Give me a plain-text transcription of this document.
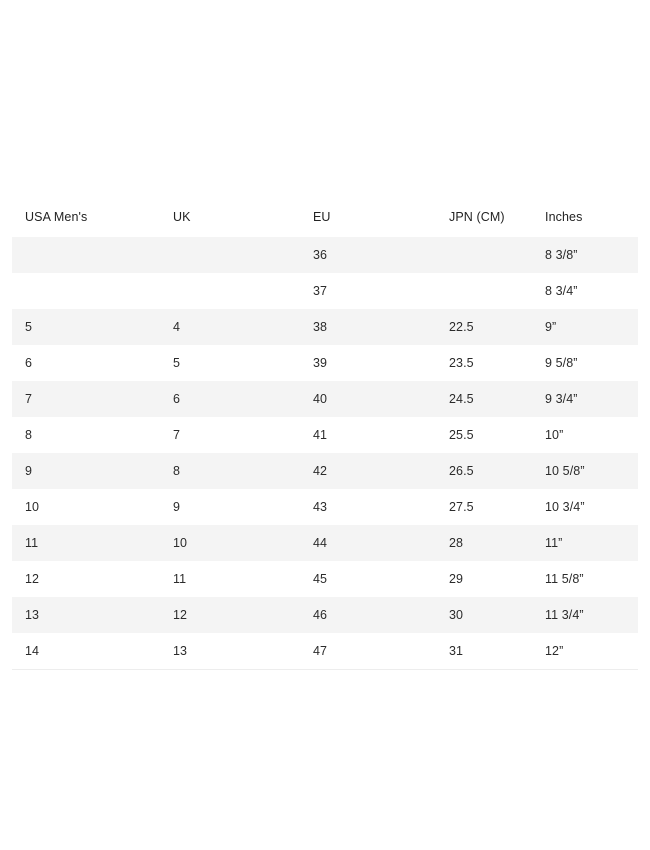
USA Men's	UK	EU	JPN (CM)	Inches
		36		8 3/8”
		37		8 3/4”
5	4	38	22.5	9”
6	5	39	23.5	9 5/8”
7	6	40	24.5	9 3/4”
8	7	41	25.5	10”
9	8	42	26.5	10 5/8”
10	9	43	27.5	10 3/4”
11	10	44	28	11”
12	11	45	29	11 5/8”
13	12	46	30	11 3/4”
14	13	47	31	12”
